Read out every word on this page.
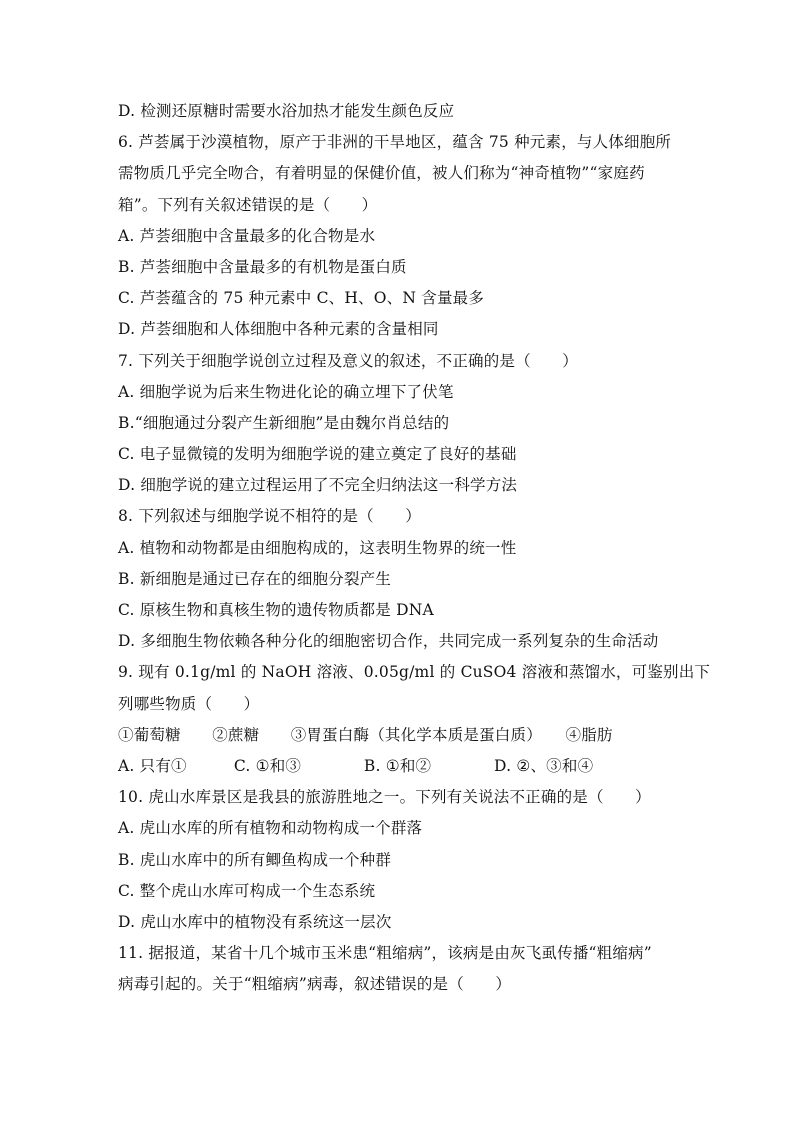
D. 检测还原糖时需要水浴加热才能发生颜色反应
6. 芦荟属于沙漠植物，原产于非洲的干旱地区，蕴含 75 种元素，与人体细胞所
需物质几乎完全吻合，有着明显的保健价值，被人们称为“神奇植物”“家庭药
箱”。下列有关叙述错误的是（　　）
A. 芦荟细胞中含量最多的化合物是水
B. 芦荟细胞中含量最多的有机物是蛋白质
C. 芦荟蕴含的 75 种元素中 C、H、O、N 含量最多
D. 芦荟细胞和人体细胞中各种元素的含量相同
7. 下列关于细胞学说创立过程及意义的叙述，不正确的是（　　）
A. 细胞学说为后来生物进化论的确立埋下了伏笔
B.“细胞通过分裂产生新细胞”是由魏尔肖总结的
C. 电子显微镜的发明为细胞学说的建立奠定了良好的基础
D. 细胞学说的建立过程运用了不完全归纳法这一科学方法
8. 下列叙述与细胞学说不相符的是（　　）
A. 植物和动物都是由细胞构成的，这表明生物界的统一性
B. 新细胞是通过已存在的细胞分裂产生
C. 原核生物和真核生物的遗传物质都是 DNA
D. 多细胞生物依赖各种分化的细胞密切合作，共同完成一系列复杂的生命活动
9. 现有 0.1g/ml 的 NaOH 溶液、0.05g/ml 的 CuSO4 溶液和蒸馏水，可鉴别出下
列哪些物质（　　）
①葡萄糖　　②蔗糖　　③胃蛋白酶（其化学本质是蛋白质）　　④脂肪
A. 只有①　　　C. ①和③　　　　B. ①和②　　　　D. ②、③和④
10. 虎山水库景区是我县的旅游胜地之一。下列有关说法不正确的是（　　）
A. 虎山水库的所有植物和动物构成一个群落
B. 虎山水库中的所有鲫鱼构成一个种群
C. 整个虎山水库可构成一个生态系统
D. 虎山水库中的植物没有系统这一层次
11. 据报道，某省十几个城市玉米患“粗缩病”，该病是由灰飞虱传播“粗缩病”
病毒引起的。关于“粗缩病”病毒，叙述错误的是（　　）
